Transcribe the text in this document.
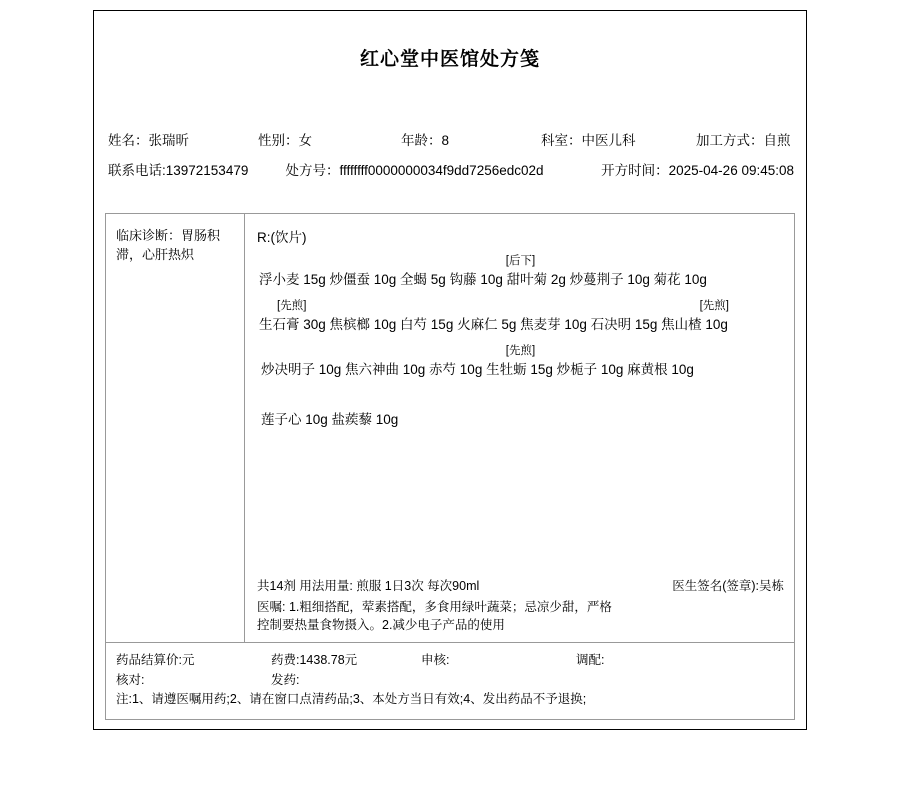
红心堂中医馆处方笺
姓名：张瑞昕	性别：女	年龄：8	科室：中医儿科	加工方式：自煎
联系电话:13972153479	处方号：ffffffff0000000034f9dd7256edc02d	开方时间：2025-04-26 09:45:08
临床诊断：胃肠积滞，心肝热炽
R:(饮片)
[后下]
浮小麦 15g 炒僵蚕 10g 全蝎 5g 钩藤 10g 甜叶菊 2g 炒蔓荆子 10g 菊花 10g
[先煎]	[先煎]
生石膏 30g 焦槟榔 10g 白芍 15g 火麻仁 5g 焦麦芽 10g 石决明 15g 焦山楂 10g
[先煎]
炒决明子 10g 焦六神曲 10g 赤芍 10g 生牡蛎 15g 炒栀子 10g 麻黄根 10g
莲子心 10g 盐蒺藜 10g
共14剂 用法用量: 煎服 1日3次 每次90ml	医生签名(签章):吴栋
医嘱: 1.粗细搭配，荤素搭配，多食用绿叶蔬菜；忌凉少甜，严格
控制要热量食物摄入。2.减少电子产品的使用
药品结算价:元	药费:1438.78元	申核:	调配:
核对:	发药:
注:1、请遵医嘱用药;2、请在窗口点清药品;3、本处方当日有效;4、发出药品不予退换;
